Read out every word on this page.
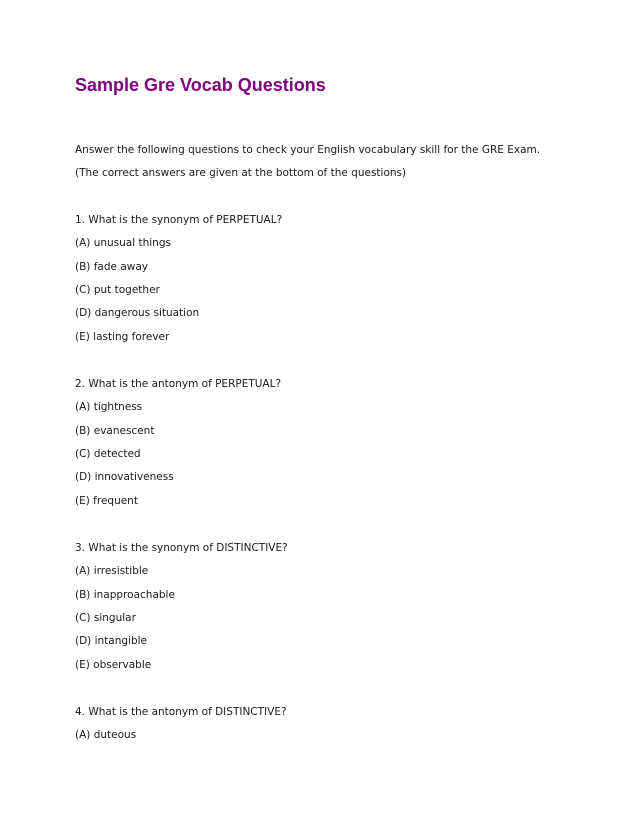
Sample Gre Vocab Questions
Answer the following questions to check your English vocabulary skill for the GRE Exam.
(The correct answers are given at the bottom of the questions)
1. What is the synonym of PERPETUAL?
(A) unusual things
(B) fade away
(C) put together
(D) dangerous situation
(E) lasting forever
2. What is the antonym of PERPETUAL?
(A) tightness
(B) evanescent
(C) detected
(D) innovativeness
(E) frequent
3. What is the synonym of DISTINCTIVE?
(A) irresistible
(B) inapproachable
(C) singular
(D) intangible
(E) observable
4. What is the antonym of DISTINCTIVE?
(A) duteous
